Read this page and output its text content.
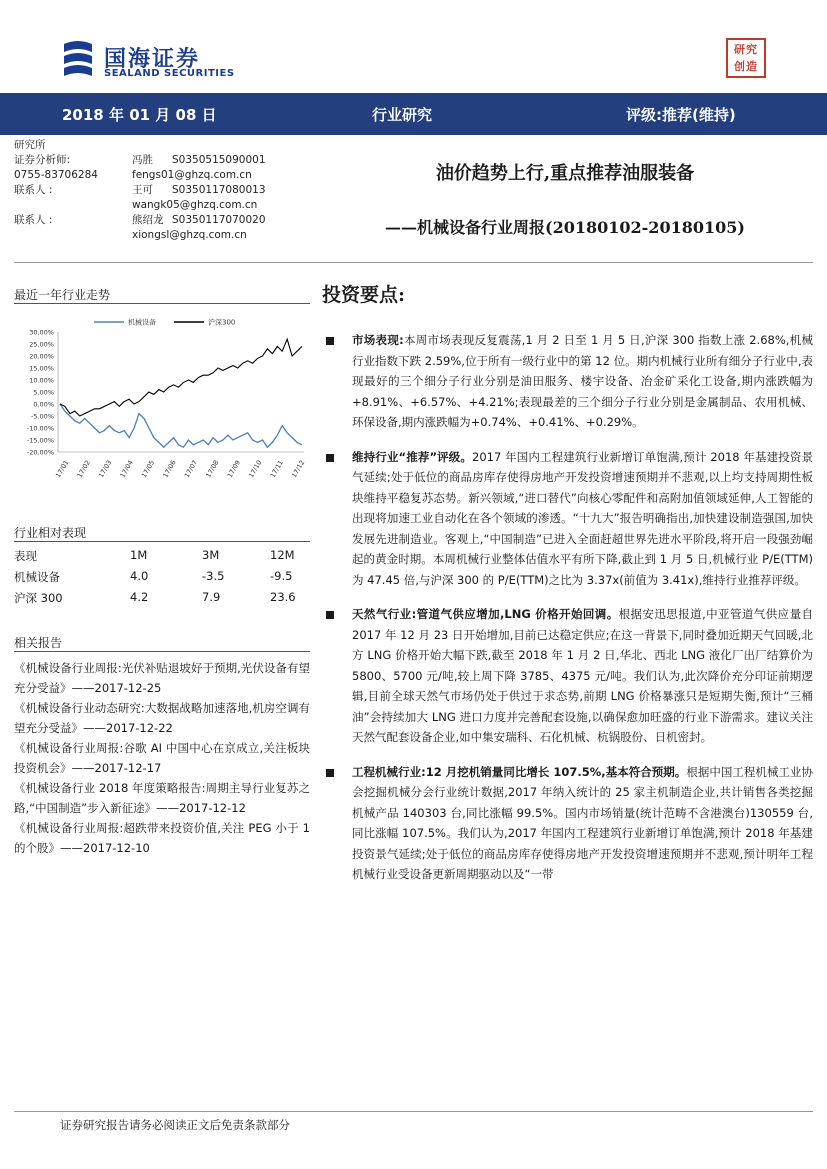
国海证券
SEALAND SECURITIES
研究
创造
2018 年 01 月 08 日	行业研究	评级:推荐(维持)
研究所
证券分析师:	冯胜 S0350515090001
0755-83706284	fengs01@ghzq.com.cn
联系人 :	王可 S0350117080013
wangk05@ghzq.com.cn
联系人 :	熊绍龙 S0350117070020
xiongsl@ghzq.com.cn
油价趋势上行,重点推荐油服装备
——机械设备行业周报(20180102-20180105)
最近一年行业走势
30.00%
25.00%
20.00%
15.00%
10.00%
5.00%
0.00%
-5.00%
-10.00%
-15.00%
-20.00%
17/01 17/02 17/03 17/04 17/05 17/06 17/07 17/08 17/09 17/10 17/11 17/12
机械设备	沪深300
行业相对表现
表现	1M	3M	12M
机械设备	4.0	-3.5	-9.5
沪深 300	4.2	7.9	23.6
相关报告
《机械设备行业周报:光伏补贴退坡好于预期,光伏设备有望充分受益》——2017-12-25
《机械设备行业动态研究:大数据战略加速落地,机房空调有望充分受益》——2017-12-22
《机械设备行业周报:谷歌 AI 中国中心在京成立,关注板块投资机会》——2017-12-17
《机械设备行业 2018 年度策略报告:周期主导行业复苏之路,“中国制造”步入新征途》——2017-12-12
《机械设备行业周报:超跌带来投资价值,关注 PEG 小于 1 的个股》——2017-12-10
投资要点:
市场表现:本周市场表现反复震荡,1 月 2 日至 1 月 5 日,沪深 300 指数上涨 2.68%,机械行业指数下跌 2.59%,位于所有一级行业中的第 12 位。期内机械行业所有细分子行业中,表现最好的三个细分子行业分别是油田服务、楼宇设备、冶金矿采化工设备,期内涨跌幅为+8.91%、+6.57%、+4.21%;表现最差的三个细分子行业分别是金属制品、农用机械、环保设备,期内涨跌幅为+0.74%、+0.41%、+0.29%。
维持行业“推荐”评级。2017 年国内工程建筑行业新增订单饱满,预计 2018 年基建投资景气延续;处于低位的商品房库存使得房地产开发投资增速预期并不悲观,以上均支持周期性板块维持平稳复苏态势。新兴领域,“进口替代”向核心零配件和高附加值领域延伸,人工智能的出现将加速工业自动化在各个领域的渗透。“十九大”报告明确指出,加快建设制造强国,加快发展先进制造业。客观上,“中国制造”已进入全面赶超世界先进水平阶段,将开启一段强劲崛起的黄金时期。本周机械行业整体估值水平有所下降,截止到 1 月 5 日,机械行业 P/E(TTM)为 47.45 倍,与沪深 300 的 P/E(TTM)之比为 3.37x(前值为 3.41x),维持行业推荐评级。
天然气行业:管道气供应增加,LNG 价格开始回调。根据安迅思报道,中亚管道气供应量自 2017 年 12 月 23 日开始增加,目前已达稳定供应;在这一背景下,同时叠加近期天气回暖,北方 LNG 价格开始大幅下跌,截至 2018 年 1 月 2 日,华北、西北 LNG 液化厂出厂结算价为 5800、5700 元/吨,较上周下降 3785、4375 元/吨。我们认为,此次降价充分印证前期逻辑,目前全球天然气市场仍处于供过于求态势,前期 LNG 价格暴涨只是短期失衡,预计“三桶油”会持续加大 LNG 进口力度并完善配套设施,以确保愈加旺盛的行业下游需求。建议关注天然气配套设备企业,如中集安瑞科、石化机械、杭锅股份、日机密封。
工程机械行业:12 月挖机销量同比增长 107.5%,基本符合预期。根据中国工程机械工业协会挖掘机械分会行业统计数据,2017 年纳入统计的 25 家主机制造企业,共计销售各类挖掘机械产品 140303 台,同比涨幅 99.5%。国内市场销量(统计范畴不含港澳台)130559 台,同比涨幅 107.5%。我们认为,2017 年国内工程建筑行业新增订单饱满,预计 2018 年基建投资景气延续;处于低位的商品房库存使得房地产开发投资增速预期并不悲观,预计明年工程机械行业受设备更新周期驱动以及“一带
证券研究报告请务必阅读正文后免责条款部分
